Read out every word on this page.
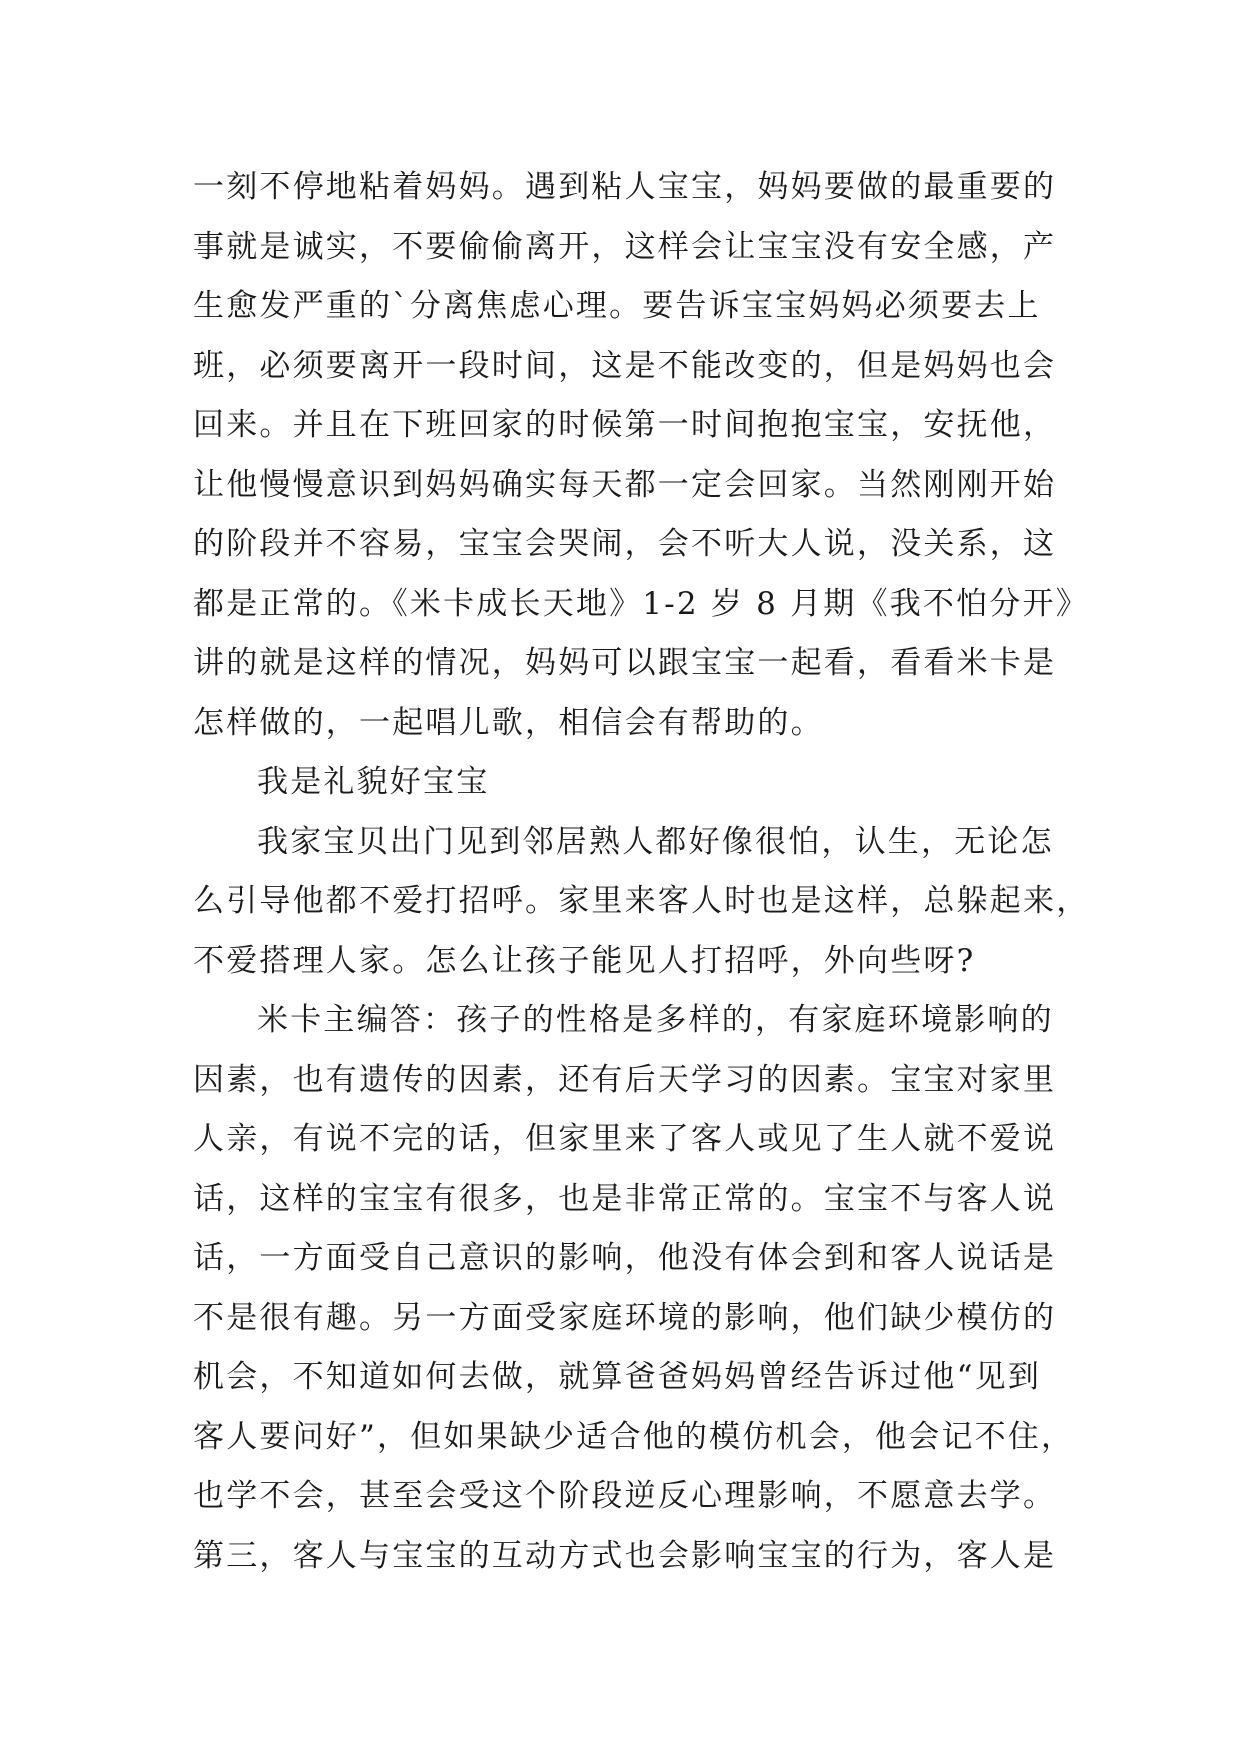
一刻不停地粘着妈妈。遇到粘人宝宝，妈妈要做的最重要的
事就是诚实，不要偷偷离开，这样会让宝宝没有安全感，产
生愈发严重的`分离焦虑心理。要告诉宝宝妈妈必须要去上
班，必须要离开一段时间，这是不能改变的，但是妈妈也会
回来。并且在下班回家的时候第一时间抱抱宝宝，安抚他，
让他慢慢意识到妈妈确实每天都一定会回家。当然刚刚开始
的阶段并不容易，宝宝会哭闹，会不听大人说，没关系，这
都是正常的。《米卡成长天地》1-2 岁 8 月期《我不怕分开》
讲的就是这样的情况，妈妈可以跟宝宝一起看，看看米卡是
怎样做的，一起唱儿歌，相信会有帮助的。
我是礼貌好宝宝
我家宝贝出门见到邻居熟人都好像很怕，认生，无论怎
么引导他都不爱打招呼。家里来客人时也是这样，总躲起来，
不爱搭理人家。怎么让孩子能见人打招呼，外向些呀?
米卡主编答：孩子的性格是多样的，有家庭环境影响的
因素，也有遗传的因素，还有后天学习的因素。宝宝对家里
人亲，有说不完的话，但家里来了客人或见了生人就不爱说
话，这样的宝宝有很多，也是非常正常的。宝宝不与客人说
话，一方面受自己意识的影响，他没有体会到和客人说话是
不是很有趣。另一方面受家庭环境的影响，他们缺少模仿的
机会，不知道如何去做，就算爸爸妈妈曾经告诉过他“见到
客人要问好”，但如果缺少适合他的模仿机会，他会记不住，
也学不会，甚至会受这个阶段逆反心理影响，不愿意去学。
第三，客人与宝宝的互动方式也会影响宝宝的行为，客人是
